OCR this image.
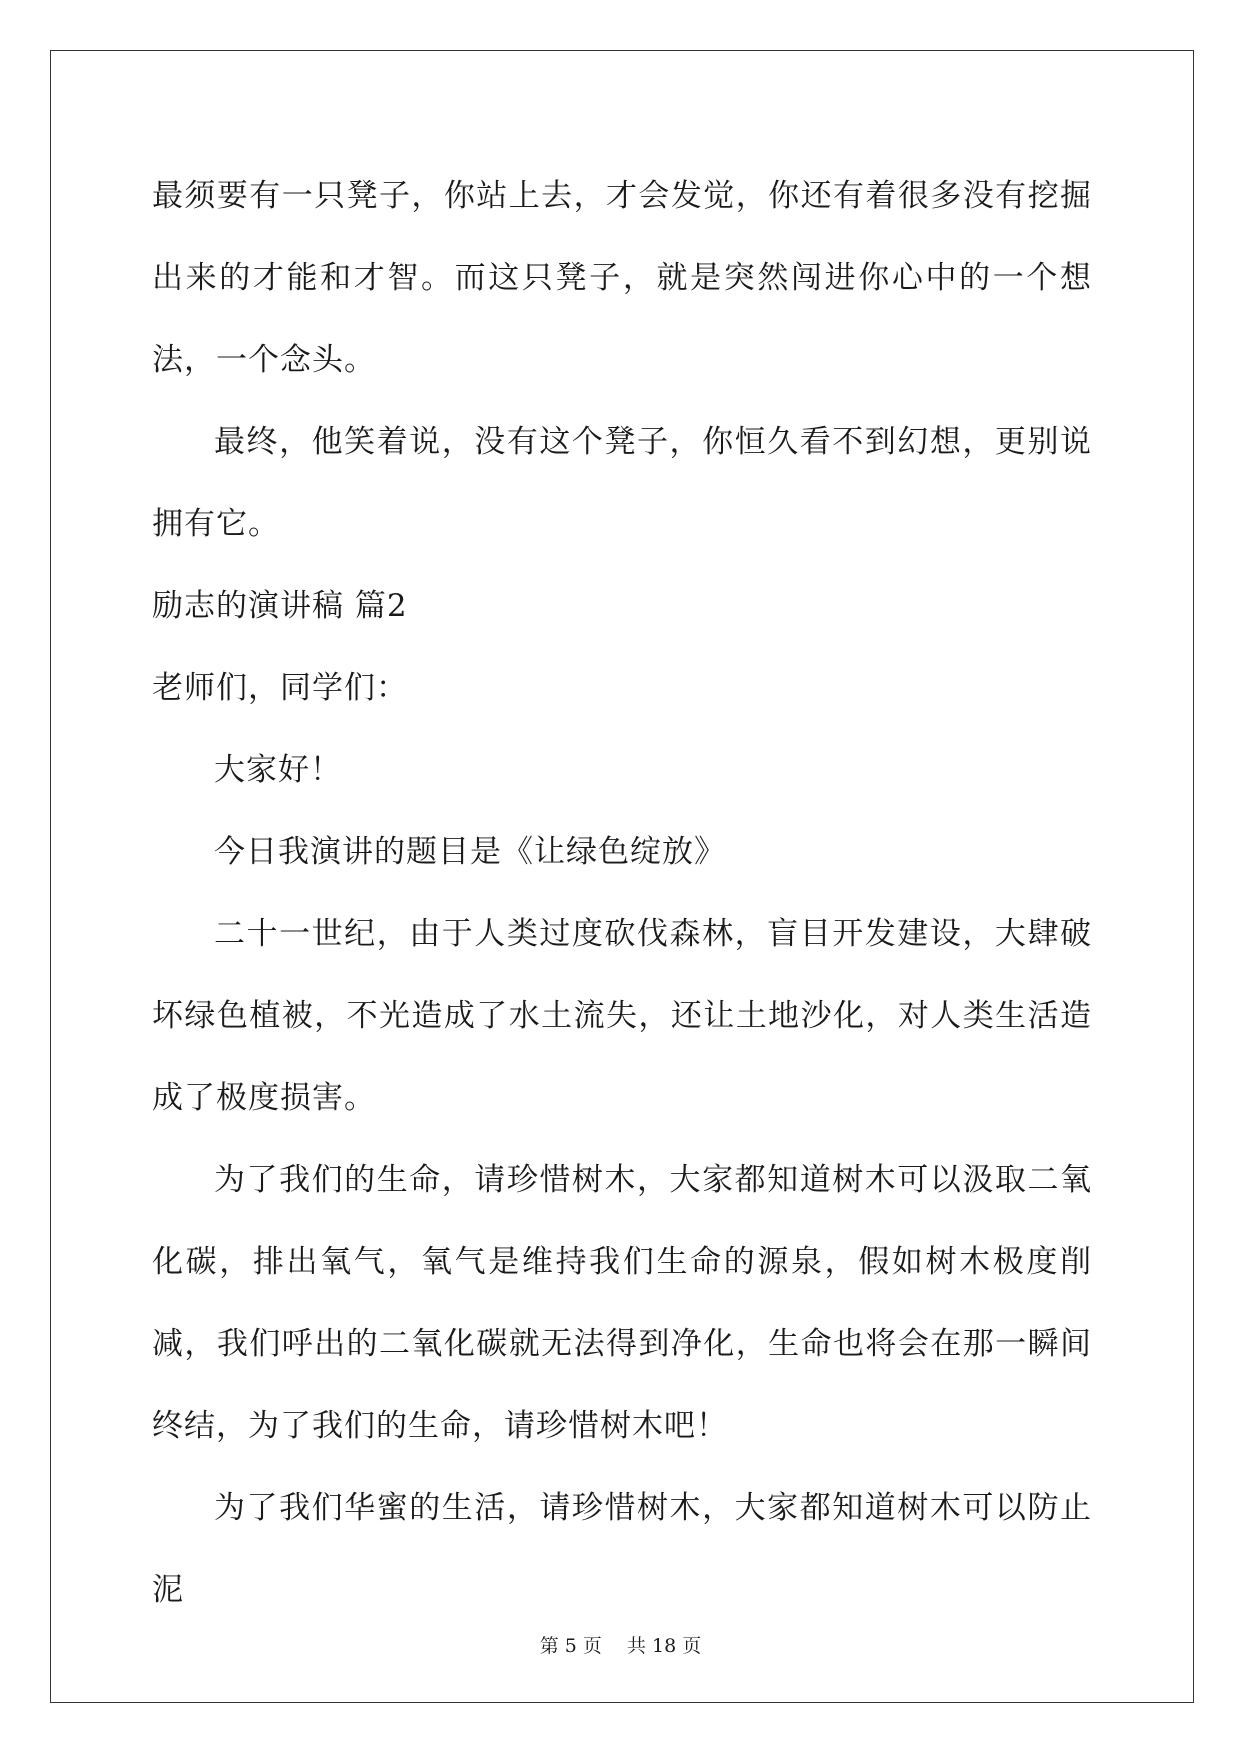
最须要有一只凳子，你站上去，才会发觉，你还有着很多没有挖掘出来的才能和才智。而这只凳子，就是突然闯进你心中的一个想法，一个念头。

最终，他笑着说，没有这个凳子，你恒久看不到幻想，更别说拥有它。

励志的演讲稿 篇2

老师们，同学们：

大家好！

今日我演讲的题目是《让绿色绽放》

二十一世纪，由于人类过度砍伐森林，盲目开发建设，大肆破坏绿色植被，不光造成了水土流失，还让土地沙化，对人类生活造成了极度损害。

为了我们的生命，请珍惜树木，大家都知道树木可以汲取二氧化碳，排出氧气，氧气是维持我们生命的源泉，假如树木极度削减，我们呼出的二氧化碳就无法得到净化，生命也将会在那一瞬间终结，为了我们的生命，请珍惜树木吧！

为了我们华蜜的生活，请珍惜树木，大家都知道树木可以防止泥

第 5 页　 共 18 页
